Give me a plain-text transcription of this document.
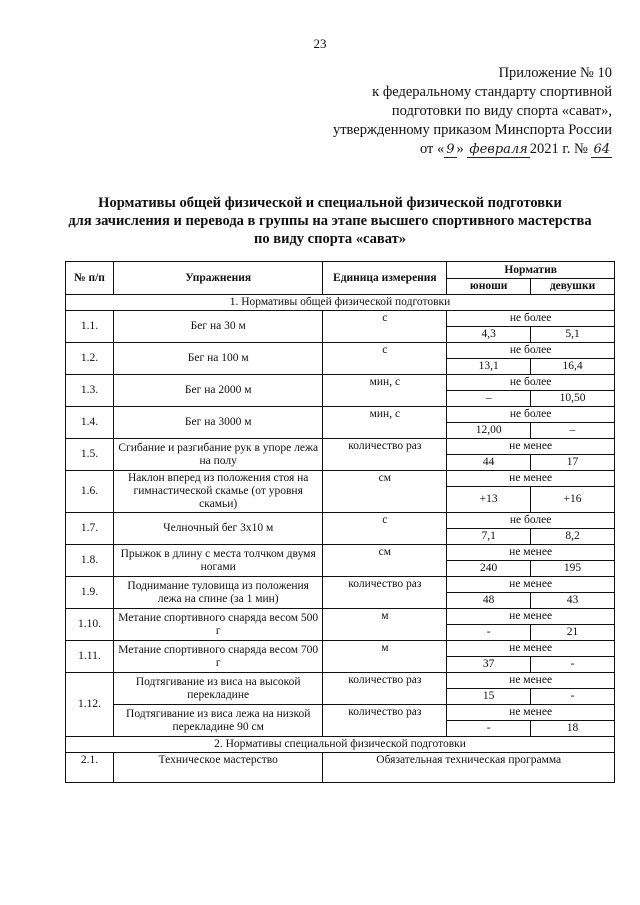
23
Приложение № 10
к федеральному стандарту спортивной
подготовки по виду спорта «сават»,
утвержденному приказом Минспорта России
от « 9 » февраля 2021 г. № 64
Нормативы общей физической и специальной физической подготовки
для зачисления и перевода в группы на этапе высшего спортивного мастерства
по виду спорта «сават»
№ п/п	Упражнения	Единица измерения	Норматив	
			юноши	девушки
1. Нормативы общей физической подготовки				
1.1.	Бег на 30 м	с	не более	
			4,3	5,1
1.2.	Бег на 100 м	с	не более	
			13,1	16,4
1.3.	Бег на 2000 м	мин, с	не более	
			–	10,50
1.4.	Бег на 3000 м	мин, с	не более	
			12,00	–
1.5.	Сгибание и разгибание рук в упоре лежа на полу	количество раз	не менее	
			44	17
1.6.	Наклон вперед из положения стоя на гимнастической скамье (от уровня скамьи)	см	не менее	
			+13	+16
1.7.	Челночный бег 3х10 м	с	не более	
			7,1	8,2
1.8.	Прыжок в длину с места толчком двумя ногами	см	не менее	
			240	195
1.9.	Поднимание туловища из положения лежа на спине (за 1 мин)	количество раз	не менее	
			48	43
1.10.	Метание спортивного снаряда весом 500 г	м	не менее	
			-	21
1.11.	Метание спортивного снаряда весом 700 г	м	не менее	
			37	-
1.12.	Подтягивание из виса на высокой перекладине	количество раз	не менее	
			15	-
	Подтягивание из виса лежа на низкой перекладине 90 см	количество раз	не менее	
			-	18
2. Нормативы специальной физической подготовки				
2.1.	Техническое мастерство	Обязательная техническая программа		
